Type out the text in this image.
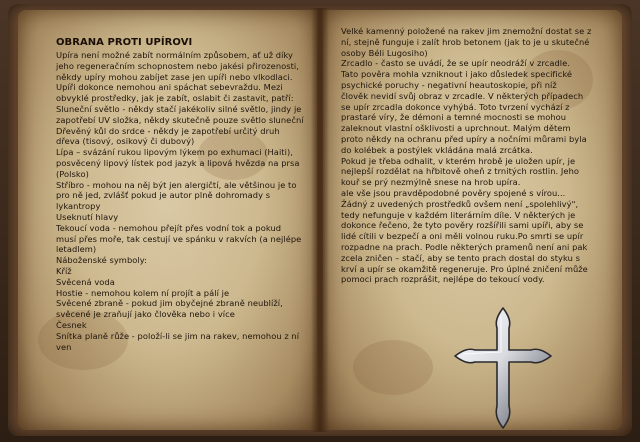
OBRANA PROTI UPÍROVI
Upíra není možné zabít normálním způsobem, ať už díky
jeho regeneračním schopnostem nebo jakési přirozenosti,
někdy upíry mohou zabíjet zase jen upíři nebo vlkodlaci.
Upíři dokonce nemohou ani spáchat sebevraždu. Mezi
obvyklé prostředky, jak je zabít, oslabit či zastavit, patří:
Sluneční světlo - někdy stačí jakékoliv silné světlo, jindy je
zapotřebí UV složka, někdy skutečně pouze světlo sluneční
Dřevěný kůl do srdce - někdy je zapotřebí určitý druh
dřeva (tisový, osikový či dubový)
Lípa – svázání rukou lipovým lýkem po exhumaci (Haiti),
posvěcený lipový lístek pod jazyk a lipová hvězda na prsa
(Polsko)
Stříbro - mohou na něj být jen alergičtí, ale většinou je to
pro ně jed, zvlášť pokud je autor plně dohromady s
lykantropy
Useknutí hlavy
Tekoucí voda - nemohou přejít přes vodní tok a pokud
musí přes moře, tak cestují ve spánku v rakvích (a nejlépe
letadlem)
Náboženské symboly:
Kříž
Svěcená voda
Hostie - nemohou kolem ní projít a pálí je
Svěcené zbraně - pokud jim obyčejné zbraně neublíží,
svěcené je zraňují jako člověka nebo i více
Česnek
Snítka planě růže - položí-li se jim na rakev, nemohou z ní
ven
Velké kamenný položené na rakev jim znemožní dostat se z
ní, stejně funguje i zalít hrob betonem (jak to je u skutečné
osoby Béli Lugosiho)
Zrcadlo - často se uvádí, že se upír neodráží v zrcadle.
Tato pověra mohla vzniknout i jako důsledek specifické
psychické poruchy - negativní heautoskopie, při níž
člověk nevidí svůj obraz v zrcadle. V některých případech
se upír zrcadla dokonce vyhýbá. Toto tvrzení vychází z
prastaré víry, že démoni a temné mocnosti se mohou
zaleknout vlastní ošklivosti a uprchnout. Malým dětem
proto někdy na ochranu před upíry a nočními můrami byla
do kolébek a postýlek vkládána malá zrcátka.
Pokud je třeba odhalit, v kterém hrobě je uložen upír, je
nejlepší rozdělat na hřbitově oheň z trnitých rostlin. Jeho
kouř se prý nezmýlně snese na hrob upíra.
ale vše jsou pravděpodobné pověry spojené s vírou...
Žádný z uvedených prostředků ovšem není „spolehlivý",
tedy nefunguje v každém literárním díle. V některých je
dokonce řečeno, že tyto pověry rozšířili sami upíři, aby se
lidé cítili v bezpečí a oni měli volnou ruku.Po smrti se upír
rozpadne na prach. Podle některých pramenů není ani pak
zcela zničen – stačí, aby se tento prach dostal do styku s
krví a upír se okamžitě regeneruje. Pro úplné zničení může
pomoci prach rozprášit, nejlépe do tekoucí vody.
